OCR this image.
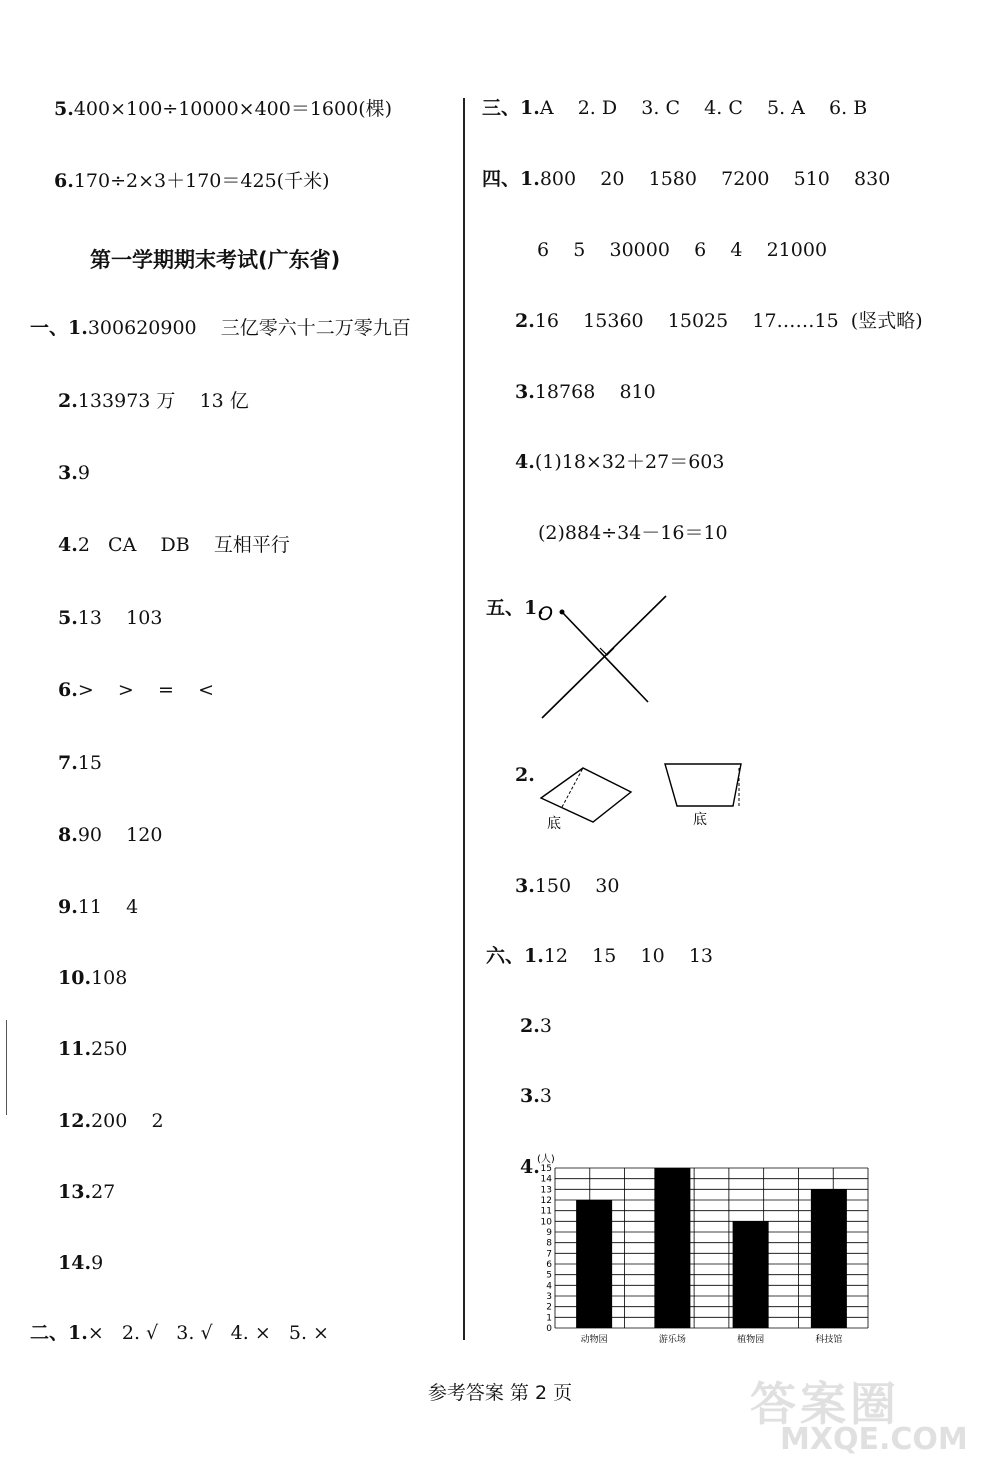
5.400×100÷10000×400＝1600(棵)
6.170÷2×3＋170＝425(千米)
第一学期期末考试(广东省)
一、1.300620900    三亿零六十二万零九百
2.133973 万    13 亿
3.9
4.2   CA    DB    互相平行
5.13    103
6.>    >    =    <
7.15
8.90    120
9.11    4
10.108
11.250
12.200    2
13.27
14.9
二、1.×   2. √   3. √   4. ×   5. ×
三、1.A    2. D    3. C    4. C    5. A    6. B
四、1.800    20    1580    7200    510    830
6    5    30000    6    4    21000
2.16    15360    15025    17……15  (竖式略)
3.18768    810
4.(1)18×32＋27＝603
(2)884÷34－16＝10
五、1.
O
2.
底	底
3.150    30
六、1.12    15    10    13
2.3
3.3
4.
(人)
0
1
2
3
4
5
6
7
8
9
10
11
12
13
14
15
动物园	游乐场	植物园	科技馆
参考答案 第 2 页	答案圈
MXQE.COM
